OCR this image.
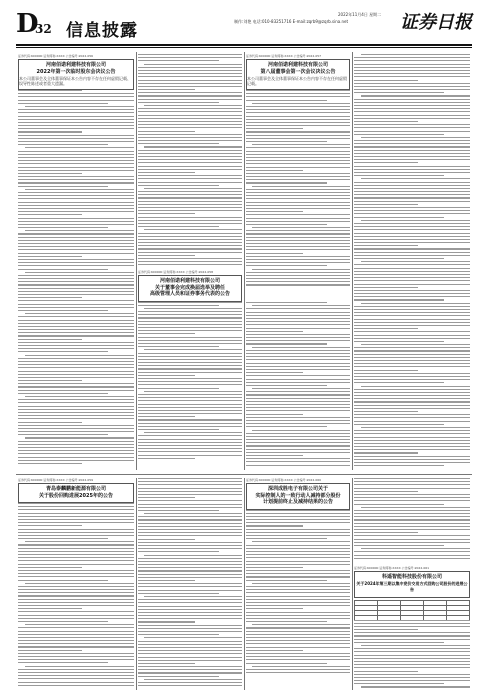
D
32 信息披露
2022年11月4日 星期二
制作:刘艳 电话:010-83251716 E-mail:zqrb9@zqrb.sina.net	证券日报
证券代码:600000 证券简称:XXXX 公告编号:2022-056
河南佰诺利建科技有限公司
2022年第一次临时股东会决议公告
本公司董事会及全体董事保证本公告内容不存在任何虚假记载、误导性陈述或者重大遗漏。
证券代码:600000 证券简称:XXXX 公告编号:2022-057
河南佰诺利建科技有限公司
第八届董事会第一次会议决议公告
本公司董事会及全体董事保证本公告内容不存在任何虚假记载。
证券代码:600000 证券简称:XXXX 公告编号:2022-058
河南佰诺利建科技有限公司
关于董事会完成换届选举及聘任
高级管理人员和证券事务代表的公告
证券代码:600000 证券简称:XXXX 公告编号:2022-059
青岛泰麟鹏新能源有限公司
关于股份回购进展2025年的公告
证券代码:600000 证券简称:XXXX 公告编号:2022-060
深圳成胜电子有限公司关于
实际控制人的一致行动人减持部分股份
计划提前终止及减持结果的公告
证券代码:600000 证券简称:XXXX 公告编号:2022-061
科遥智能科技股份有限公司
关于2024年第三期以集中竞价交易方式回购公司股份的进展公告
